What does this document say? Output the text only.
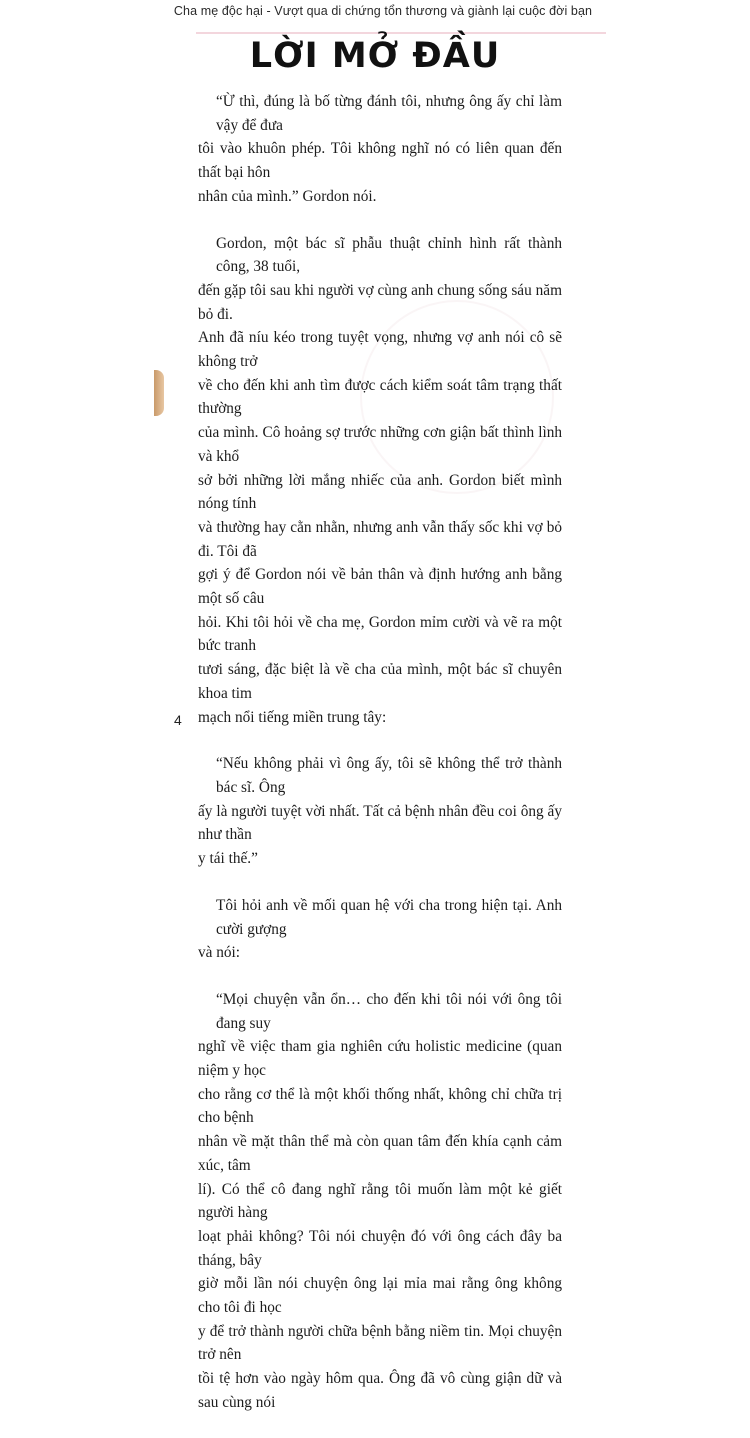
Cha mẹ độc hại - Vượt qua di chứng tổn thương và giành lại cuộc đời bạn
LỜI MỞ ĐẦU
“Ừ thì, đúng là bố từng đánh tôi, nhưng ông ấy chỉ làm vậy để đưa
tôi vào khuôn phép. Tôi không nghĩ nó có liên quan đến thất bại hôn
nhân của mình.” Gordon nói.
Gordon, một bác sĩ phẫu thuật chỉnh hình rất thành công, 38 tuổi,
đến gặp tôi sau khi người vợ cùng anh chung sống sáu năm bỏ đi.
Anh đã níu kéo trong tuyệt vọng, nhưng vợ anh nói cô sẽ không trở
về cho đến khi anh tìm được cách kiểm soát tâm trạng thất thường
của mình. Cô hoảng sợ trước những cơn giận bất thình lình và khổ
sở bởi những lời mắng nhiếc của anh. Gordon biết mình nóng tính
và thường hay cằn nhằn, nhưng anh vẫn thấy sốc khi vợ bỏ đi. Tôi đã
gợi ý để Gordon nói về bản thân và định hướng anh bằng một số câu
hỏi. Khi tôi hỏi về cha mẹ, Gordon mỉm cười và vẽ ra một bức tranh
tươi sáng, đặc biệt là về cha của mình, một bác sĩ chuyên khoa tim
mạch nổi tiếng miền trung tây:
“Nếu không phải vì ông ấy, tôi sẽ không thể trở thành bác sĩ. Ông
ấy là người tuyệt vời nhất. Tất cả bệnh nhân đều coi ông ấy như thần
y tái thế.”
Tôi hỏi anh về mối quan hệ với cha trong hiện tại. Anh cười gượng
và nói:
“Mọi chuyện vẫn ổn… cho đến khi tôi nói với ông tôi đang suy
nghĩ về việc tham gia nghiên cứu holistic medicine (quan niệm y học
cho rằng cơ thể là một khối thống nhất, không chỉ chữa trị cho bệnh
nhân về mặt thân thể mà còn quan tâm đến khía cạnh cảm xúc, tâm
lí). Có thể cô đang nghĩ rằng tôi muốn làm một kẻ giết người hàng
loạt phải không? Tôi nói chuyện đó với ông cách đây ba tháng, bây
giờ mỗi lần nói chuyện ông lại mỉa mai rằng ông không cho tôi đi học
y để trở thành người chữa bệnh bằng niềm tin. Mọi chuyện trở nên
tồi tệ hơn vào ngày hôm qua. Ông đã vô cùng giận dữ và sau cùng nói
4
